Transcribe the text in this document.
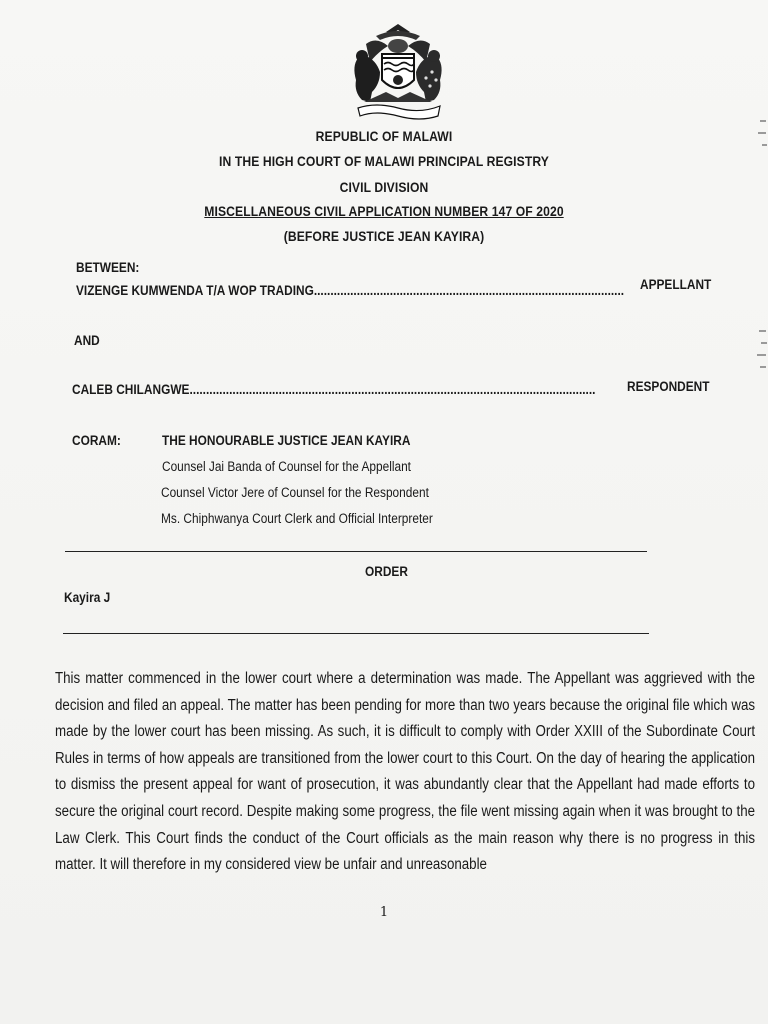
REPUBLIC OF MALAWI
IN THE HIGH COURT OF MALAWI PRINCIPAL REGISTRY
CIVIL DIVISION
MISCELLANEOUS CIVIL APPLICATION NUMBER 147 OF 2020
(BEFORE JUSTICE JEAN KAYIRA)
BETWEEN:
VIZENGE KUMWENDA T/A WOP TRADING.............................................................................................. APPELLANT
AND
CALEB CHILANGWE........................................................................................................................... RESPONDENT
CORAM:	THE HONOURABLE JUSTICE JEAN KAYIRA
Counsel Jai Banda of Counsel for the Appellant
Counsel Victor Jere of Counsel for the Respondent
Ms. Chiphwanya Court Clerk and Official Interpreter
ORDER
Kayira J

This matter commenced in the lower court where a determination was made. The Appellant was aggrieved with the decision and filed an appeal. The matter has been pending for more than two years because the original file which was made by the lower court has been missing. As such, it is difficult to comply with Order XXIII of the Subordinate Court Rules in terms of how appeals are transitioned from the lower court to this Court. On the day of hearing the application to dismiss the present appeal for want of prosecution, it was abundantly clear that the Appellant had made efforts to secure the original court record. Despite making some progress, the file went missing again when it was brought to the Law Clerk. This Court finds the conduct of the Court officials as the main reason why there is no progress in this matter. It will therefore in my considered view be unfair and unreasonable

1
